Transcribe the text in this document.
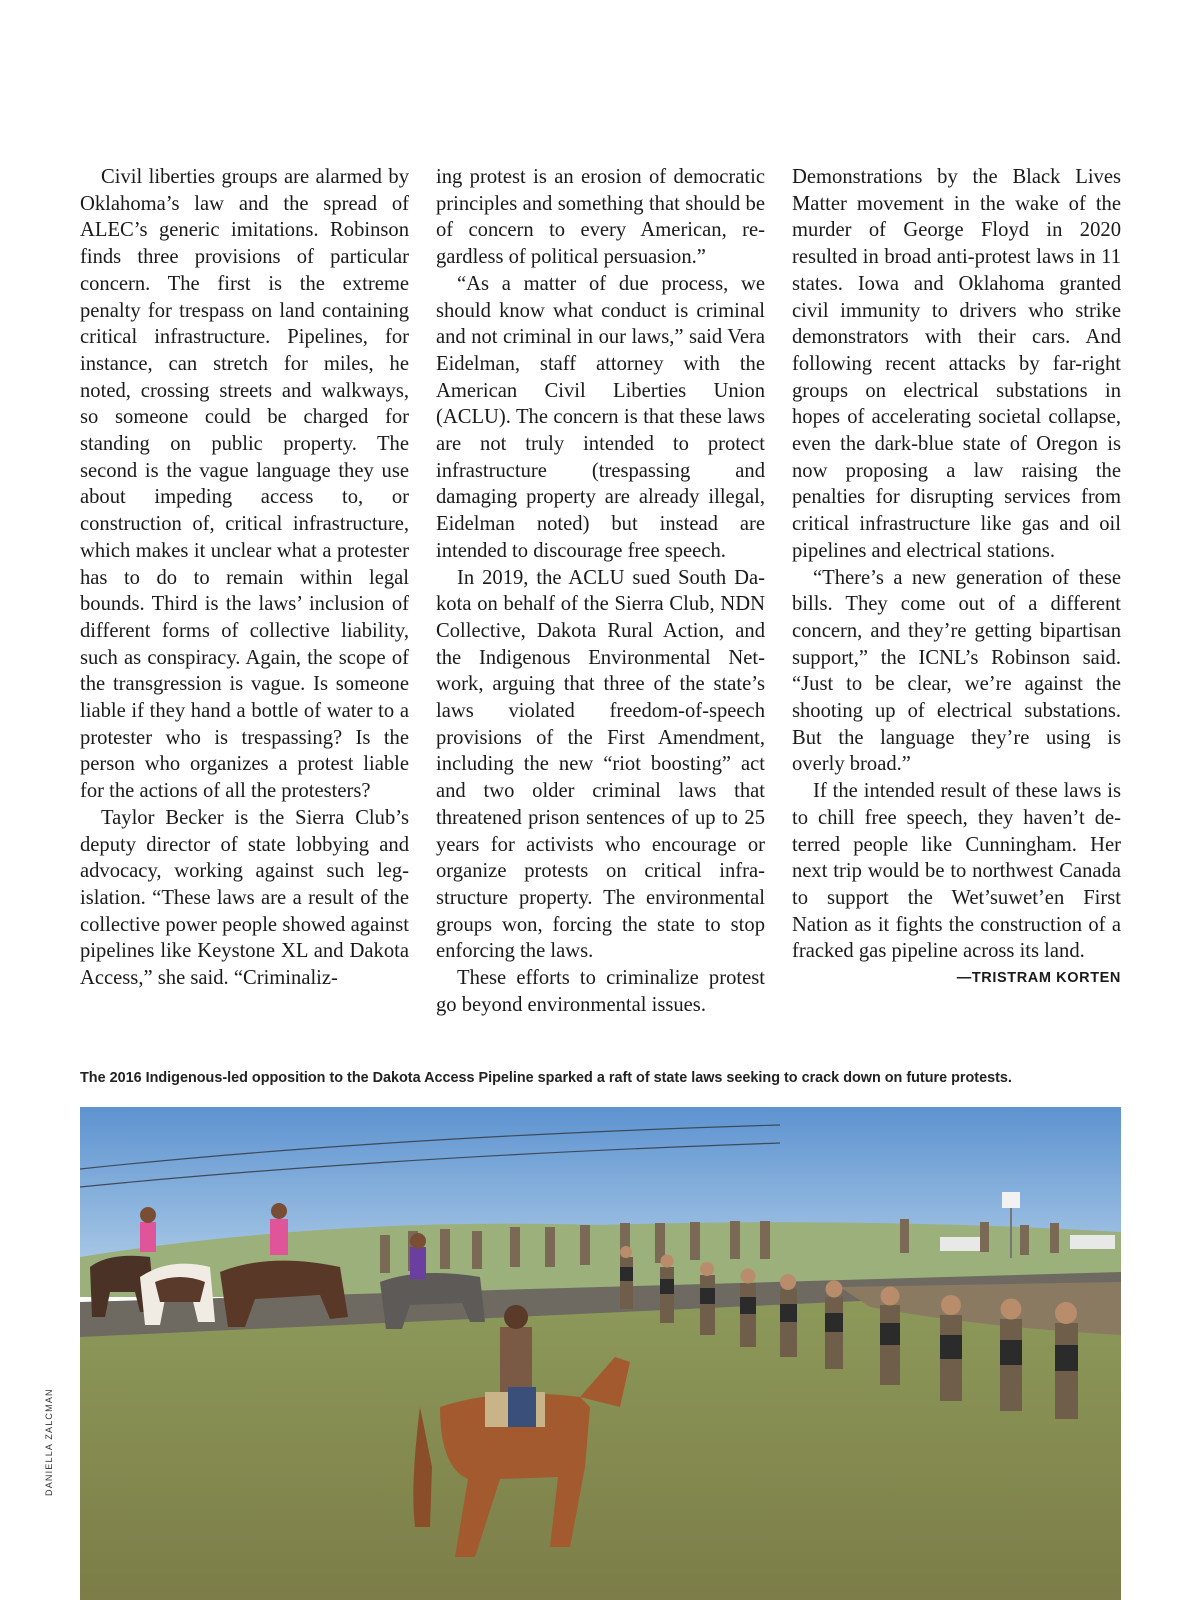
Civil liberties groups are alarmed by Oklahoma’s law and the spread of ALEC’s generic imitations. Robinson finds three provisions of particular concern. The first is the extreme penalty for trespass on land containing critical infrastructure. Pipelines, for instance, can stretch for miles, he noted, crossing streets and walkways, so someone could be charged for standing on public property. The second is the vague language they use about impeding access to, or construction of, critical infrastructure, which makes it unclear what a protester has to do to remain within legal bounds. Third is the laws’ inclusion of different forms of collective liability, such as conspiracy. Again, the scope of the transgression is vague. Is someone liable if they hand a bottle of water to a protester who is trespassing? Is the person who organizes a protest liable for the actions of all the protesters?

Taylor Becker is the Sierra Club’s deputy director of state lobbying and advocacy, working against such legislation. “These laws are a result of the collective power people showed against pipelines like Keystone XL and Dakota Access,” she said. “Criminaliz-

ing protest is an erosion of democratic principles and something that should be of concern to every American, regardless of political persuasion.”

“As a matter of due process, we should know what conduct is criminal and not criminal in our laws,” said Vera Eidelman, staff attorney with the American Civil Liberties Union (ACLU). The concern is that these laws are not truly intended to protect infrastructure (trespassing and damaging property are already illegal, Eidelman noted) but instead are intended to discourage free speech.

In 2019, the ACLU sued South Dakota on behalf of the Sierra Club, NDN Collective, Dakota Rural Action, and the Indigenous Environmental Network, arguing that three of the state’s laws violated freedom-of-speech provisions of the First Amendment, including the new “riot boosting” act and two older criminal laws that threatened prison sentences of up to 25 years for activists who encourage or organize protests on critical infrastructure property. The environmental groups won, forcing the state to stop enforcing the laws.

These efforts to criminalize protest go beyond environmental issues.

Demonstrations by the Black Lives Matter movement in the wake of the murder of George Floyd in 2020 resulted in broad anti-protest laws in 11 states. Iowa and Oklahoma granted civil immunity to drivers who strike demonstrators with their cars. And following recent attacks by far-right groups on electrical substations in hopes of accelerating societal collapse, even the dark-blue state of Oregon is now proposing a law raising the penalties for disrupting services from critical infrastructure like gas and oil pipelines and electrical stations.

“There’s a new generation of these bills. They come out of a different concern, and they’re getting bipartisan support,” the ICNL’s Robinson said. “Just to be clear, we’re against the shooting up of electrical substations. But the language they’re using is overly broad.”

If the intended result of these laws is to chill free speech, they haven’t deterred people like Cunningham. Her next trip would be to northwest Canada to support the Wet’suwet’en First Nation as it fights the construction of a fracked gas pipeline across its land.

—TRISTRAM KORTEN
The 2016 Indigenous-led opposition to the Dakota Access Pipeline sparked a raft of state laws seeking to crack down on future protests.
DANIELLA ZALCMAN
